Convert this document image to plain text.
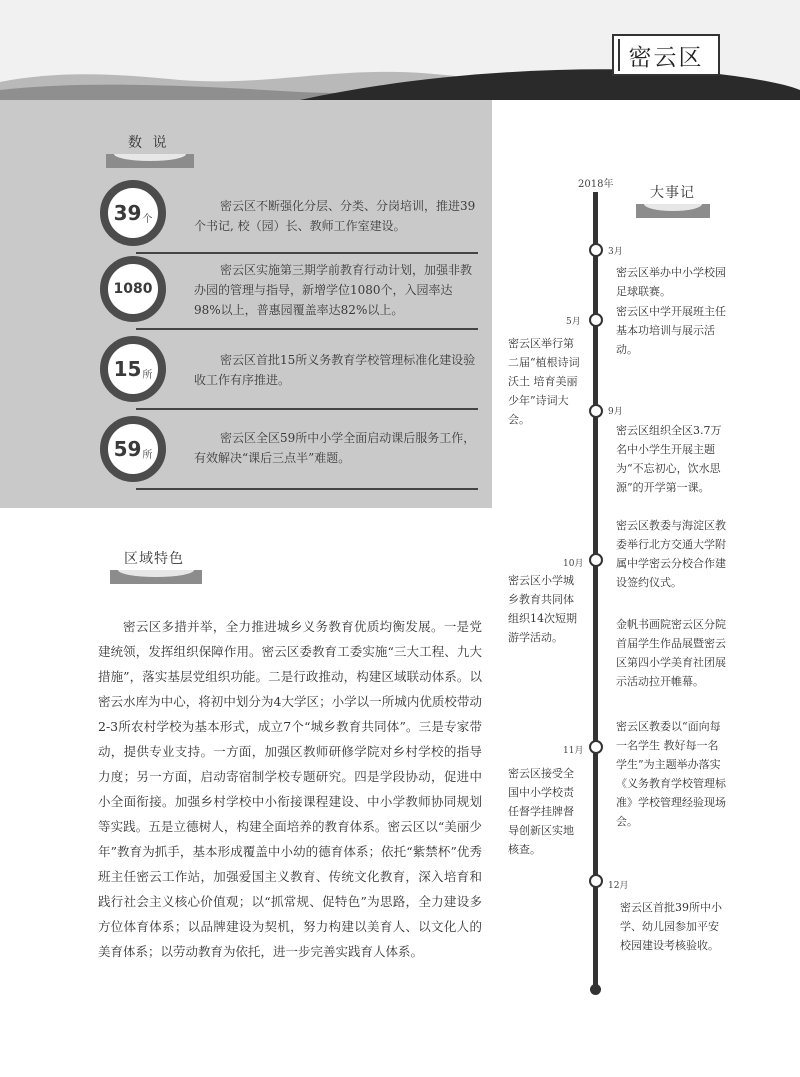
密云区
数 说
39 个
密云区不断强化分层、分类、分岗培训，推进39个书记, 校（园）长、教师工作室建设。
1080
密云区实施第三期学前教育行动计划，加强非教办园的管理与指导，新增学位1080个，入园率达98%以上，普惠园覆盖率达82%以上。
15 所
密云区首批15所义务教育学校管理标准化建设验收工作有序推进。
59 所
密云区全区59所中小学全面启动课后服务工作，有效解决“课后三点半”难题。
区域特色

密云区多措并举，全力推进城乡义务教育优质均衡发展。一是党建统领，发挥组织保障作用。密云区委教育工委实施“三大工程、九大措施”，落实基层党组织功能。二是行政推动，构建区域联动体系。以密云水库为中心，将初中划分为4大学区；小学以一所城内优质校带动2-3所农村学校为基本形式，成立7个“城乡教育共同体”。三是专家带动，提供专业支持。一方面，加强区教师研修学院对乡村学校的指导力度；另一方面，启动寄宿制学校专题研究。四是学段协动，促进中小全面衔接。加强乡村学校中小衔接课程建设、中小学教师协同规划等实践。五是立德树人，构建全面培养的教育体系。密云区以“美丽少年”教育为抓手，基本形成覆盖中小幼的德育体系；依托“紫禁杯”优秀班主任密云工作站，加强爱国主义教育、传统文化教育，深入培育和践行社会主义核心价值观；以“抓常规、促特色”为思路，全力建设多方位体育体系；以品牌建设为契机，努力构建以美育人、以文化人的美育体系；以劳动教育为依托，进一步完善实践育人体系。

大事记
2018年
3月
密云区举办中小学校园足球联赛。
密云区中学开展班主任基本功培训与展示活动。
5月
密云区举行第二届“植根诗词沃土 培育美丽少年”诗词大会。
9月
密云区组织全区3.7万名中小学生开展主题为“不忘初心，饮水思源”的开学第一课。
密云区教委与海淀区教委举行北方交通大学附属中学密云分校合作建设签约仪式。
金帆书画院密云区分院首届学生作品展暨密云区第四小学美育社团展示活动拉开帷幕。
密云区教委以“面向每一名学生 教好每一名学生”为主题举办落实《义务教育学校管理标准》学校管理经验现场会。
10月
密云区小学城乡教育共同体组织14次短期游学活动。
11月
密云区接受全国中小学校责任督学挂牌督导创新区实地核查。
12月
密云区首批39所中小学、幼儿园参加平安校园建设考核验收。
